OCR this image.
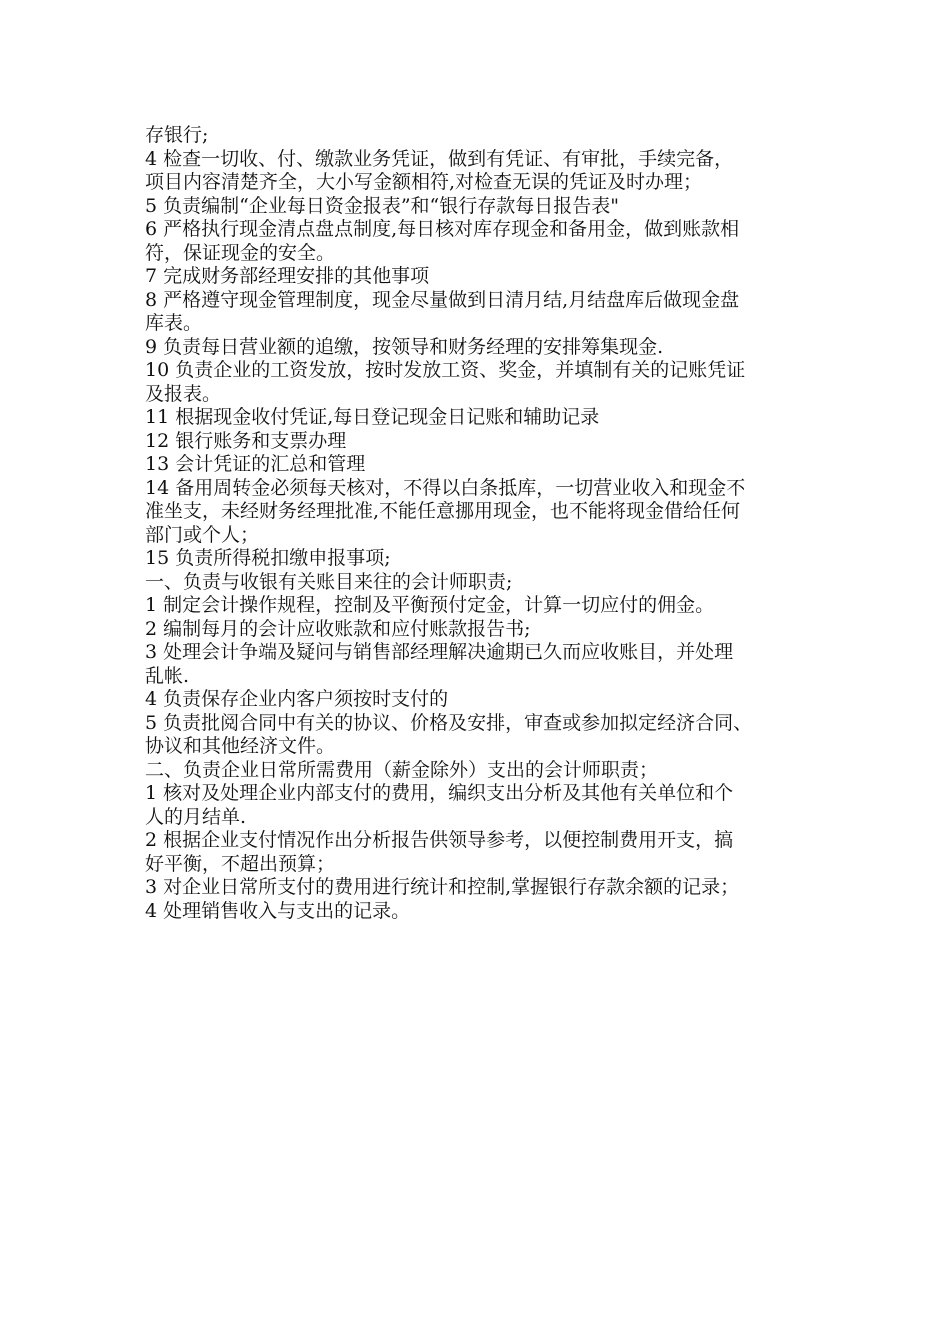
存银行;
4 检查一切收、付、缴款业务凭证，做到有凭证、有审批，手续完备，
项目内容清楚齐全，大小写金额相符,对检查无误的凭证及时办理；
5 负责编制“企业每日资金报表”和“银行存款每日报告表"
6 严格执行现金清点盘点制度,每日核对库存现金和备用金，做到账款相
符，保证现金的安全。
7 完成财务部经理安排的其他事项
8 严格遵守现金管理制度，现金尽量做到日清月结,月结盘库后做现金盘
库表。
9 负责每日营业额的追缴，按领导和财务经理的安排筹集现金.
10 负责企业的工资发放，按时发放工资、奖金，并填制有关的记账凭证
及报表。
11 根据现金收付凭证,每日登记现金日记账和辅助记录
12 银行账务和支票办理
13 会计凭证的汇总和管理
14 备用周转金必须每天核对，不得以白条抵库，一切营业收入和现金不
准坐支，未经财务经理批准,不能任意挪用现金，也不能将现金借给任何
部门或个人；
15 负责所得税扣缴申报事项;
一、负责与收银有关账目来往的会计师职责;
1 制定会计操作规程，控制及平衡预付定金，计算一切应付的佣金。
2 编制每月的会计应收账款和应付账款报告书;
3 处理会计争端及疑问与销售部经理解决逾期已久而应收账目，并处理
乱帐.
4 负责保存企业内客户须按时支付的
5 负责批阅合同中有关的协议、价格及安排，审查或参加拟定经济合同、
协议和其他经济文件。
二、负责企业日常所需费用（薪金除外）支出的会计师职责；
1 核对及处理企业内部支付的费用，编织支出分析及其他有关单位和个
人的月结单.
2 根据企业支付情况作出分析报告供领导参考，以便控制费用开支，搞
好平衡，不超出预算；
3 对企业日常所支付的费用进行统计和控制,掌握银行存款余额的记录；
4 处理销售收入与支出的记录。
